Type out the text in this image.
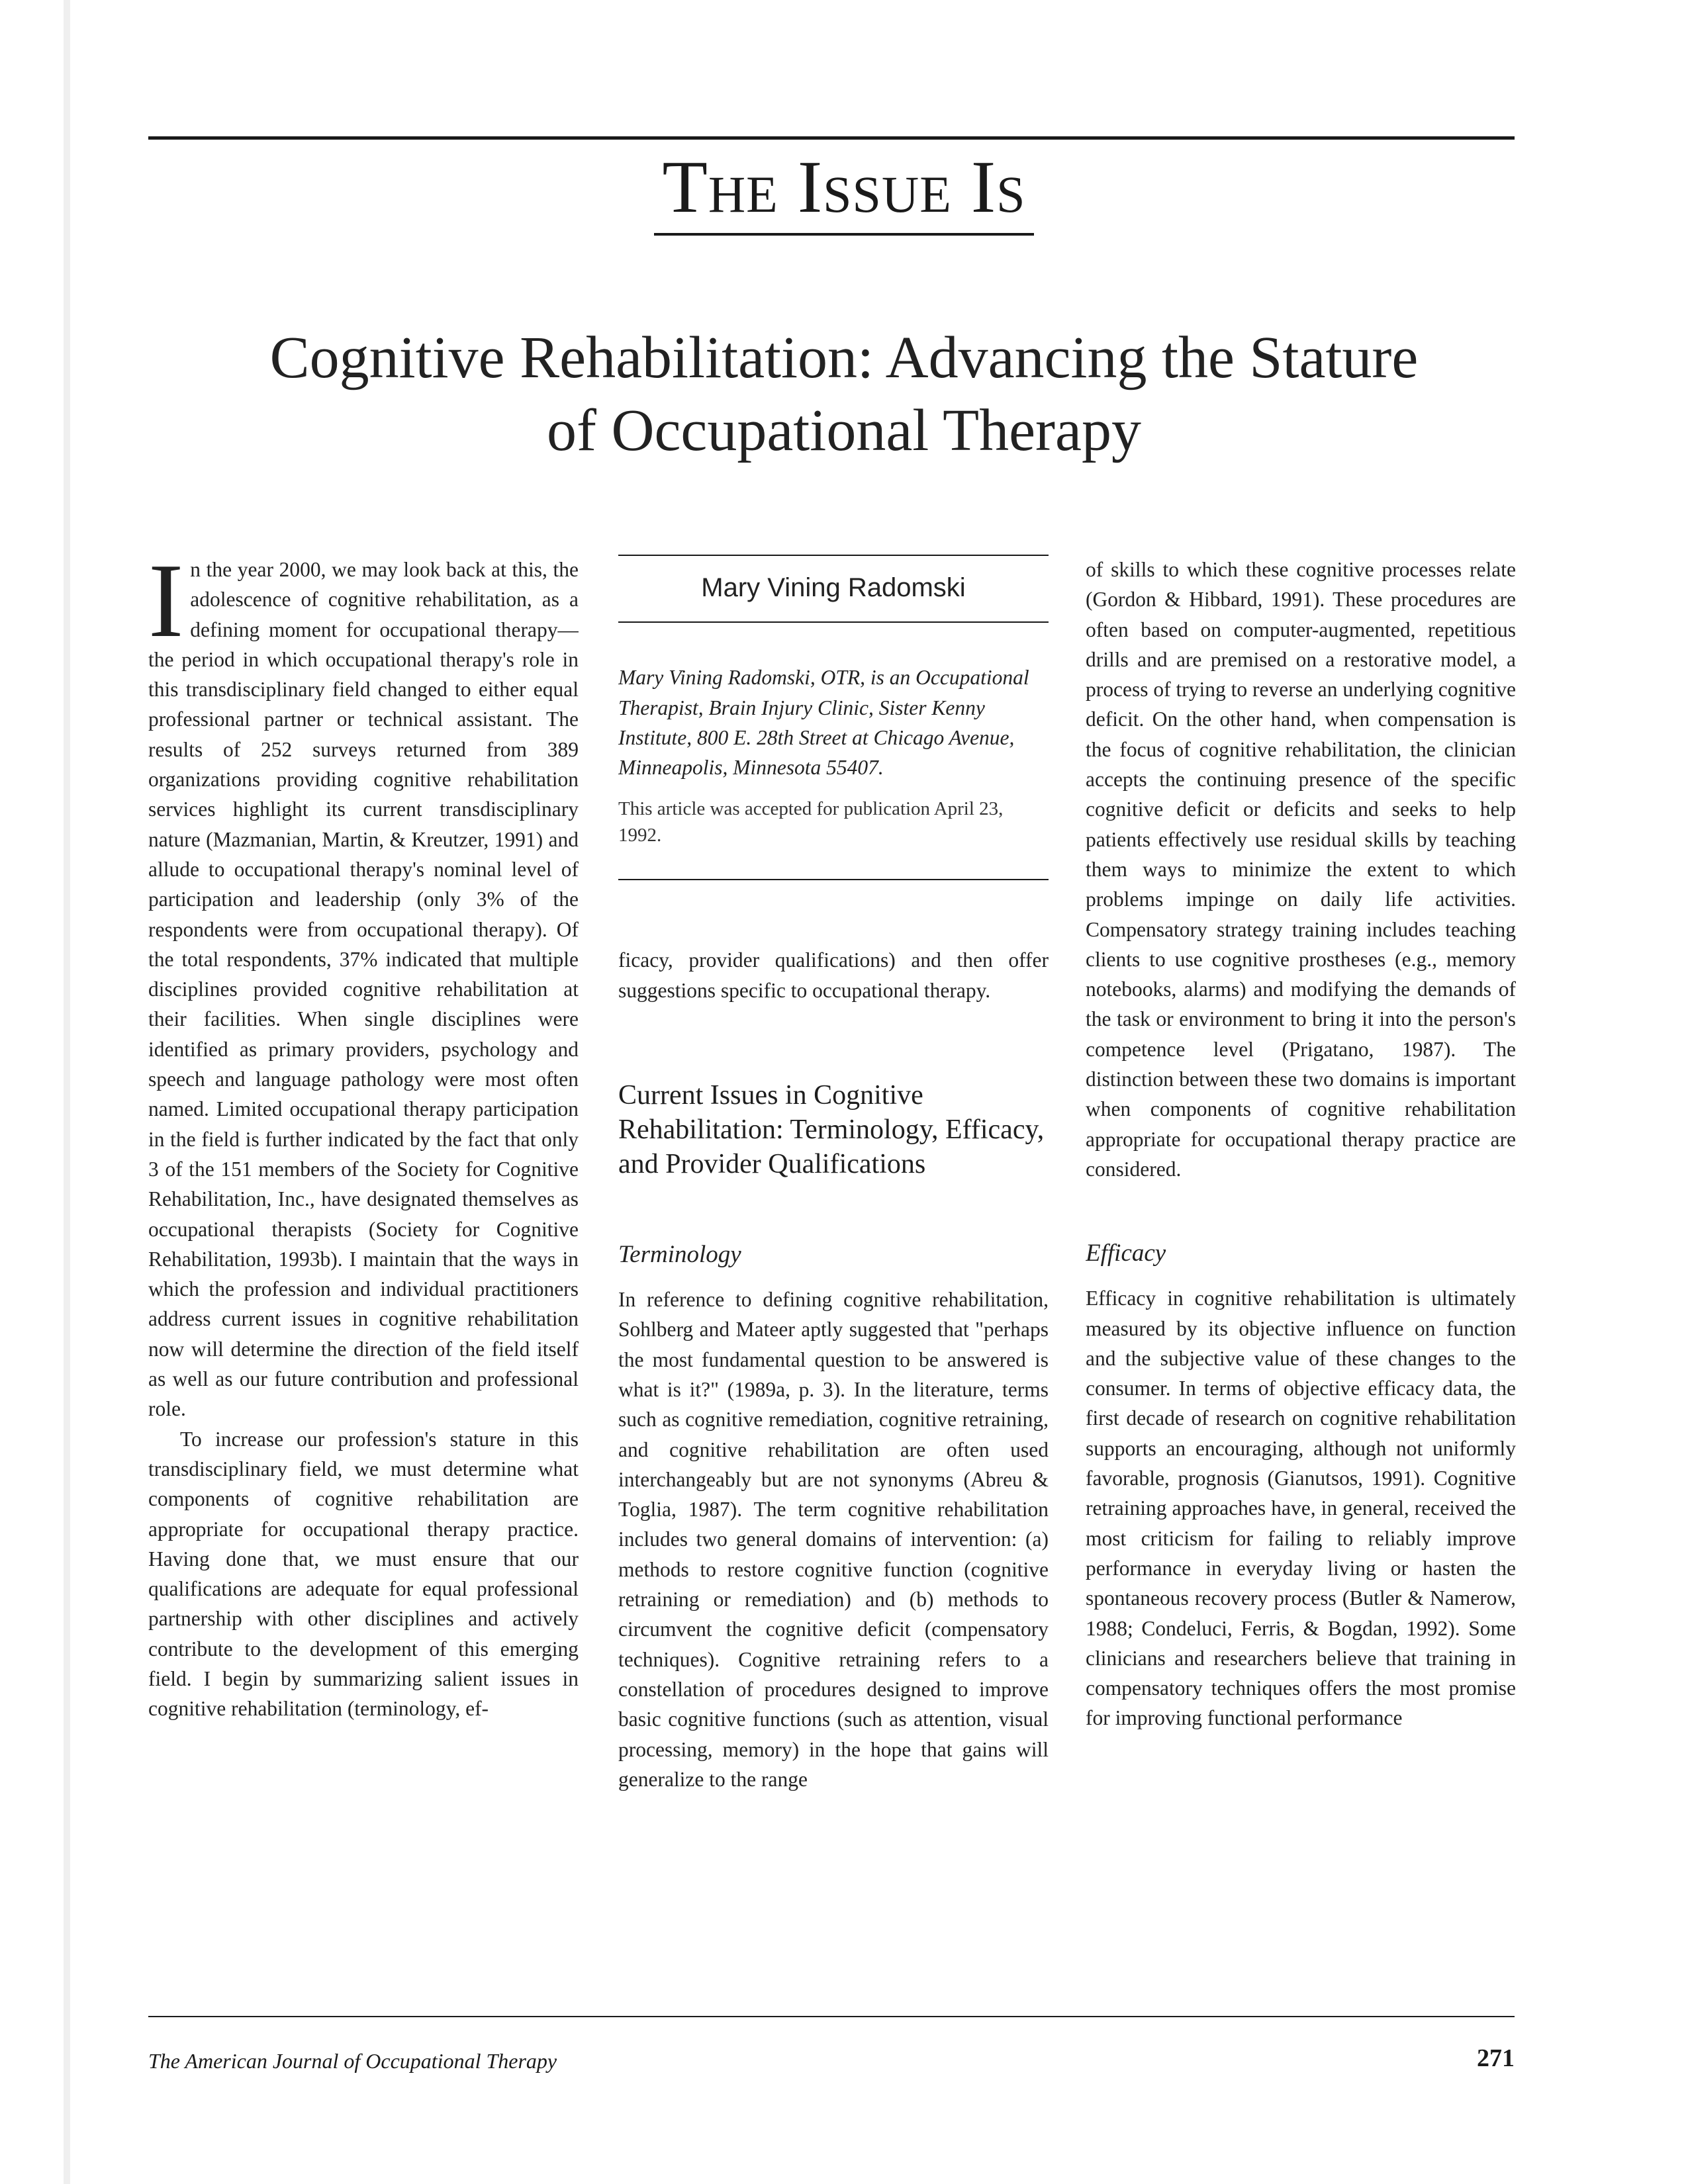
The Issue Is
Cognitive Rehabilitation: Advancing the Stature
of Occupational Therapy

In the year 2000, we may look back at this, the adolescence of cognitive rehabilitation, as a defining moment for occupational therapy—the period in which occupational therapy's role in this transdisciplinary field changed to either equal professional partner or technical assistant. The results of 252 surveys returned from 389 organizations providing cognitive rehabilitation services highlight its current transdisciplinary nature (Mazmanian, Martin, & Kreutzer, 1991) and allude to occupational therapy's nominal level of participation and leadership (only 3% of the respondents were from occupational therapy). Of the total respondents, 37% indicated that multiple disciplines provided cognitive rehabilitation at their facilities. When single disciplines were identified as primary providers, psychology and speech and language pathology were most often named. Limited occupational therapy participation in the field is further indicated by the fact that only 3 of the 151 members of the Society for Cognitive Rehabilitation, Inc., have designated themselves as occupational therapists (Society for Cognitive Rehabilitation, 1993b). I maintain that the ways in which the profession and individual practitioners address current issues in cognitive rehabilitation now will determine the direction of the field itself as well as our future contribution and professional role.

To increase our profession's stature in this transdisciplinary field, we must determine what components of cognitive rehabilitation are appropriate for occupational therapy practice. Having done that, we must ensure that our qualifications are adequate for equal professional partnership with other disciplines and actively contribute to the development of this emerging field. I begin by summarizing salient issues in cognitive rehabilitation (terminology, ef-

Mary Vining Radomski

Mary Vining Radomski, OTR, is an Occupational Therapist, Brain Injury Clinic, Sister Kenny Institute, 800 E. 28th Street at Chicago Avenue, Minneapolis, Minnesota 55407.

This article was accepted for publication April 23, 1992.

ficacy, provider qualifications) and then offer suggestions specific to occupational therapy.

Current Issues in Cognitive Rehabilitation: Terminology, Efficacy, and Provider Qualifications
Terminology

In reference to defining cognitive rehabilitation, Sohlberg and Mateer aptly suggested that "perhaps the most fundamental question to be answered is what is it?" (1989a, p. 3). In the literature, terms such as cognitive remediation, cognitive retraining, and cognitive rehabilitation are often used interchangeably but are not synonyms (Abreu & Toglia, 1987). The term cognitive rehabilitation includes two general domains of intervention: (a) methods to restore cognitive function (cognitive retraining or remediation) and (b) methods to circumvent the cognitive deficit (compensatory techniques). Cognitive retraining refers to a constellation of procedures designed to improve basic cognitive functions (such as attention, visual processing, memory) in the hope that gains will generalize to the range

of skills to which these cognitive processes relate (Gordon & Hibbard, 1991). These procedures are often based on computer-augmented, repetitious drills and are premised on a restorative model, a process of trying to reverse an underlying cognitive deficit. On the other hand, when compensation is the focus of cognitive rehabilitation, the clinician accepts the continuing presence of the specific cognitive deficit or deficits and seeks to help patients effectively use residual skills by teaching them ways to minimize the extent to which problems impinge on daily life activities. Compensatory strategy training includes teaching clients to use cognitive prostheses (e.g., memory notebooks, alarms) and modifying the demands of the task or environment to bring it into the person's competence level (Prigatano, 1987). The distinction between these two domains is important when components of cognitive rehabilitation appropriate for occupational therapy practice are considered.

Efficacy

Efficacy in cognitive rehabilitation is ultimately measured by its objective influence on function and the subjective value of these changes to the consumer. In terms of objective efficacy data, the first decade of research on cognitive rehabilitation supports an encouraging, although not uniformly favorable, prognosis (Gianutsos, 1991). Cognitive retraining approaches have, in general, received the most criticism for failing to reliably improve performance in everyday living or hasten the spontaneous recovery process (Butler & Namerow, 1988; Condeluci, Ferris, & Bogdan, 1992). Some clinicians and researchers believe that training in compensatory techniques offers the most promise for improving functional performance

The American Journal of Occupational Therapy	271
